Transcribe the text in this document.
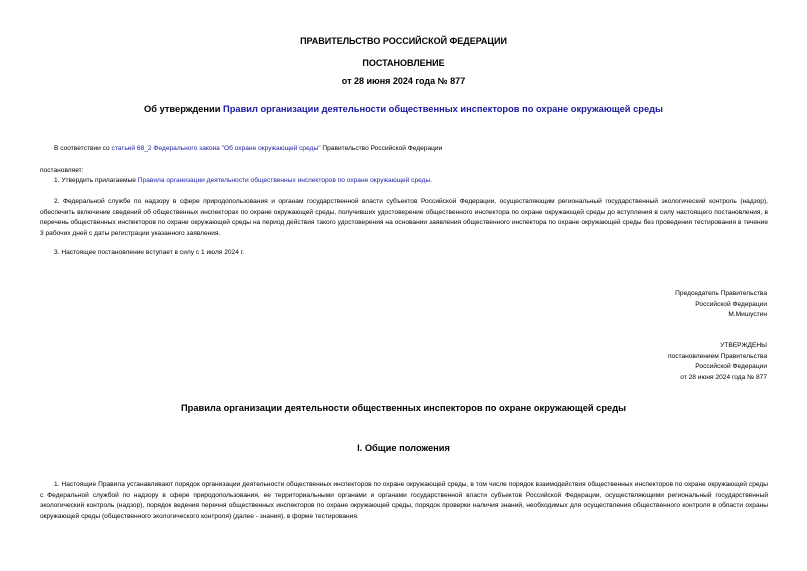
ПРАВИТЕЛЬСТВО РОССИЙСКОЙ ФЕДЕРАЦИИ
ПОСТАНОВЛЕНИЕ
от 28 июня 2024 года № 877
Об утверждении Правил организации деятельности общественных инспекторов по охране окружающей среды
В соответствии со статьей 68_2 Федерального закона "Об охране окружающей среды" Правительство Российской Федерации
постановляет:
1. Утвердить прилагаемые Правила организации деятельности общественных инспекторов по охране окружающей среды.
2. Федеральной службе по надзору в сфере природопользования и органам государственной власти субъектов Российской Федерации, осуществляющим региональный государственный экологический контроль (надзор), обеспечить включение сведений об общественных инспекторах по охране окружающей среды, получивших удостоверение общественного инспектора по охране окружающей среды до вступления в силу настоящего постановления, в перечень общественных инспекторов по охране окружающей среды на период действия такого удостоверения на основании заявления общественного инспектора по охране окружающей среды без проведения тестирования в течение 3 рабочих дней с даты регистрации указанного заявления.
3. Настоящее постановление вступает в силу с 1 июля 2024 г.
Председатель Правительства
Российской Федерации
М.Мишустин
УТВЕРЖДЕНЫ
постановлением Правительства
Российской Федерации
от 28 июня 2024 года № 877
Правила организации деятельности общественных инспекторов по охране окружающей среды
I. Общие положения
1. Настоящие Правила устанавливают порядок организации деятельности общественных инспекторов по охране окружающей среды, в том числе порядок взаимодействия общественных инспекторов по охране окружающей среды с Федеральной службой по надзору в сфере природопользования, ее территориальными органами и органами государственной власти субъектов Российской Федерации, осуществляющими региональный государственный экологический контроль (надзор), порядок ведения перечня общественных инспекторов по охране окружающей среды, порядок проверки наличия знаний, необходимых для осуществления общественного контроля в области охраны окружающей среды (общественного экологического контроля) (далее - знания), в форме тестирования.
